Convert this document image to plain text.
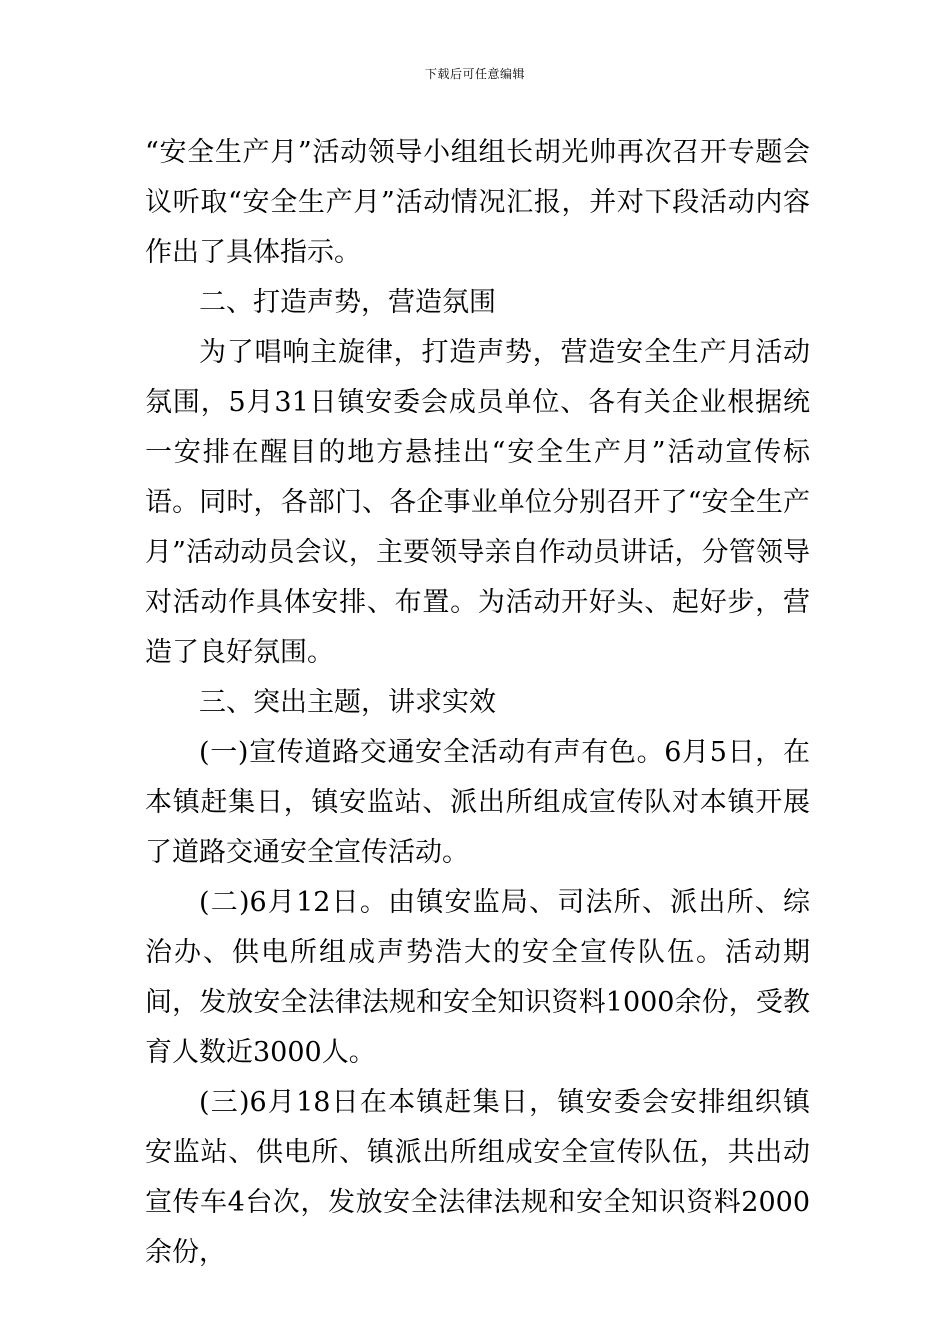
下载后可任意编辑

“安全生产月”活动领导小组组长胡光帅再次召开专题会议听取“安全生产月”活动情况汇报，并对下段活动内容作出了具体指示。

二、打造声势，营造氛围

为了唱响主旋律，打造声势，营造安全生产月活动氛围，5月31日镇安委会成员单位、各有关企业根据统一安排在醒目的地方悬挂出“安全生产月”活动宣传标语。同时，各部门、各企事业单位分别召开了“安全生产月”活动动员会议，主要领导亲自作动员讲话，分管领导对活动作具体安排、布置。为活动开好头、起好步，营造了良好氛围。

三、突出主题，讲求实效

(一)宣传道路交通安全活动有声有色。6月5日，在本镇赶集日，镇安监站、派出所组成宣传队对本镇开展了道路交通安全宣传活动。

(二)6月12日。由镇安监局、司法所、派出所、综治办、供电所组成声势浩大的安全宣传队伍。活动期间，发放安全法律法规和安全知识资料1000余份，受教育人数近3000人。

(三)6月18日在本镇赶集日，镇安委会安排组织镇安监站、供电所、镇派出所组成安全宣传队伍，共出动宣传车4台次，发放安全法律法规和安全知识资料2000余份，
